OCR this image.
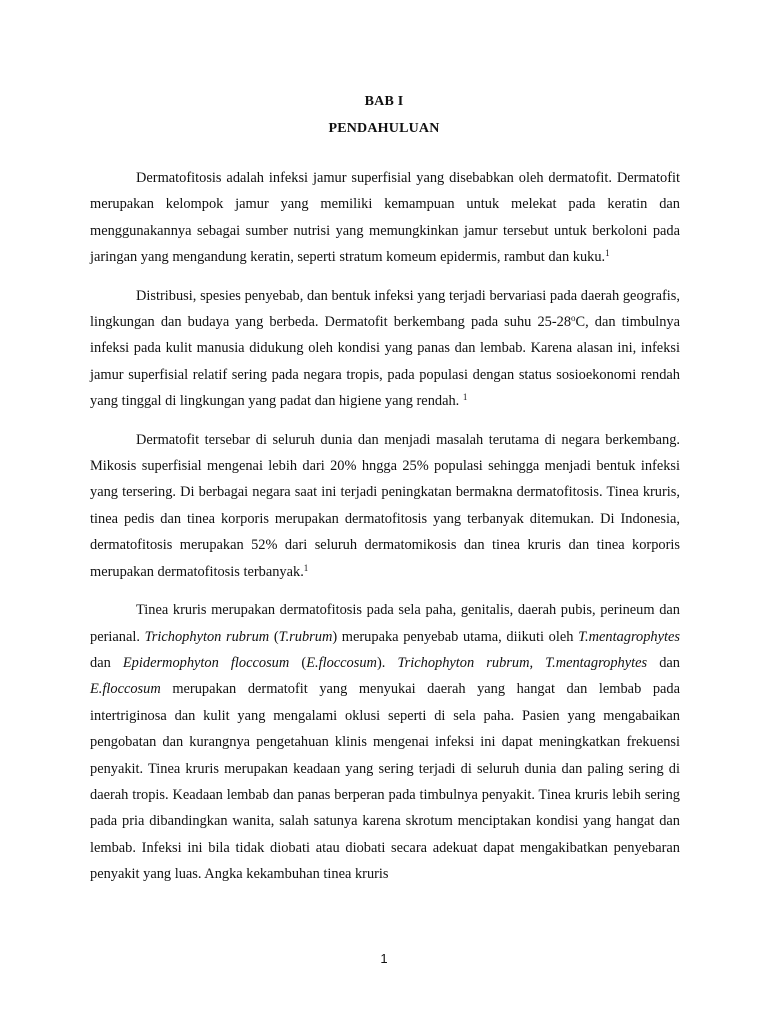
BAB I
PENDAHULUAN

Dermatofitosis adalah infeksi jamur superfisial yang disebabkan oleh dermatofit. Dermatofit merupakan kelompok jamur yang memiliki kemampuan untuk melekat pada keratin dan menggunakannya sebagai sumber nutrisi yang memungkinkan jamur tersebut untuk berkoloni pada jaringan yang mengandung keratin, seperti stratum komeum epidermis, rambut dan kuku.$^1$

Distribusi, spesies penyebab, dan bentuk infeksi yang terjadi bervariasi pada daerah geografis, lingkungan dan budaya yang berbeda. Dermatofit berkembang pada suhu 25-28$^o$C, dan timbulnya infeksi pada kulit manusia didukung oleh kondisi yang panas dan lembab. Karena alasan ini, infeksi jamur superfisial relatif sering pada negara tropis, pada populasi dengan status sosioekonomi rendah yang tinggal di lingkungan yang padat dan higiene yang rendah. $^1$

Dermatofit tersebar di seluruh dunia dan menjadi masalah terutama di negara berkembang. Mikosis superfisial mengenai lebih dari 20% hngga 25% populasi sehingga menjadi bentuk infeksi yang tersering. Di berbagai negara saat ini terjadi peningkatan bermakna dermatofitosis. Tinea kruris, tinea pedis dan tinea korporis merupakan dermatofitosis yang terbanyak ditemukan. Di Indonesia, dermatofitosis merupakan 52% dari seluruh dermatomikosis dan tinea kruris dan tinea korporis merupakan dermatofitosis terbanyak.$^1$

Tinea kruris merupakan dermatofitosis pada sela paha, genitalis, daerah pubis, perineum dan perianal. Trichophyton rubrum (T.rubrum) merupaka penyebab utama, diikuti oleh T.mentagrophytes dan Epidermophyton floccosum (E.floccosum). Trichophyton rubrum, T.mentagrophytes dan E.floccosum merupakan dermatofit yang menyukai daerah yang hangat dan lembab pada intertriginosa dan kulit yang mengalami oklusi seperti di sela paha. Pasien yang mengabaikan pengobatan dan kurangnya pengetahuan klinis mengenai infeksi ini dapat meningkatkan frekuensi penyakit. Tinea kruris merupakan keadaan yang sering terjadi di seluruh dunia dan paling sering di daerah tropis. Keadaan lembab dan panas berperan pada timbulnya penyakit. Tinea kruris lebih sering pada pria dibandingkan wanita, salah satunya karena skrotum menciptakan kondisi yang hangat dan lembab. Infeksi ini bila tidak diobati atau diobati secara adekuat dapat mengakibatkan penyebaran penyakit yang luas. Angka kekambuhan tinea kruris

1
